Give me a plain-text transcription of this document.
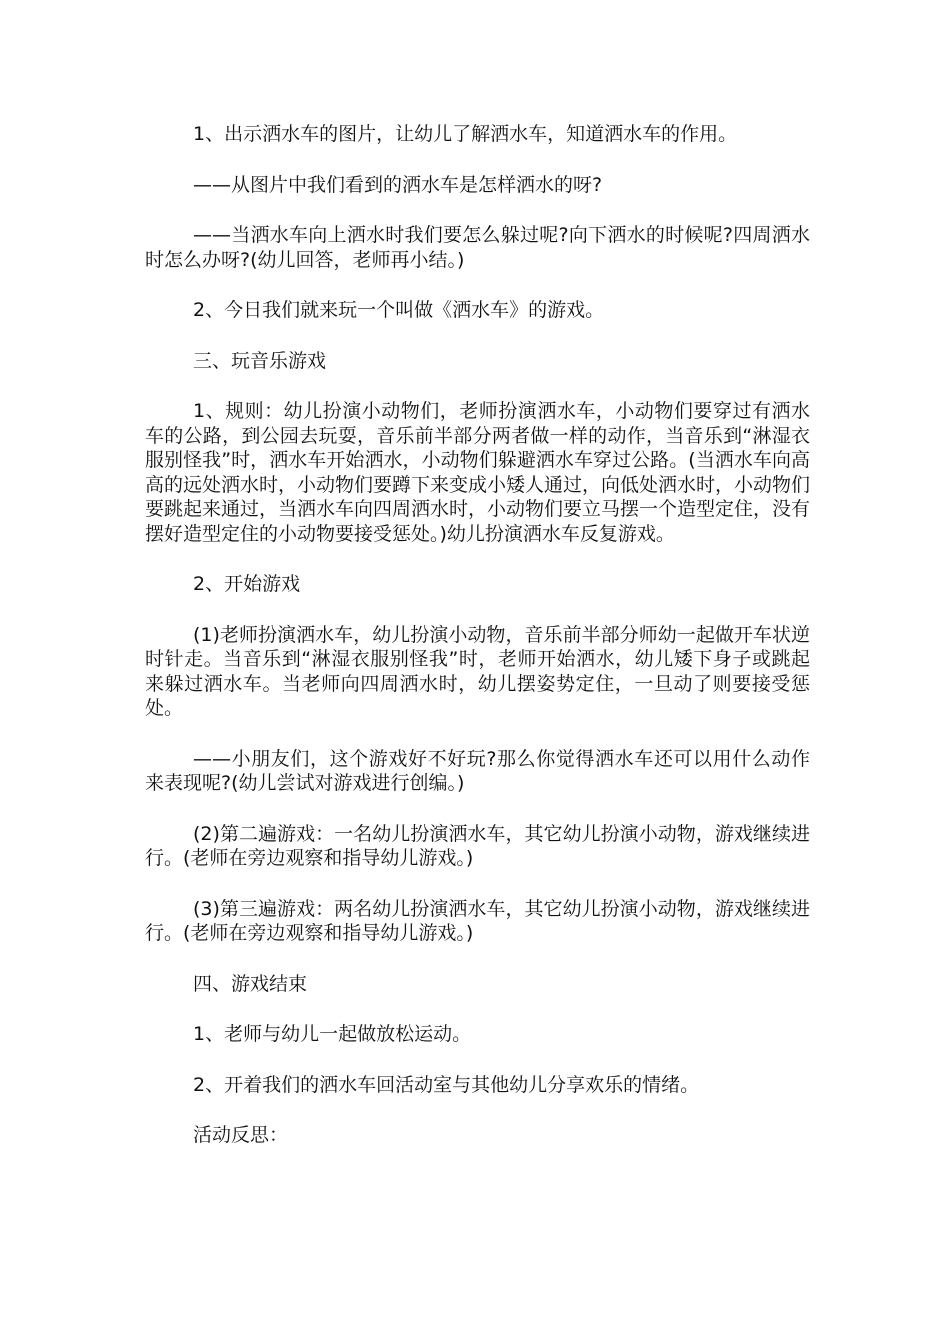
1、出示洒水车的图片，让幼儿了解洒水车，知道洒水车的作用。

——从图片中我们看到的洒水车是怎样洒水的呀?

——当洒水车向上洒水时我们要怎么躲过呢?向下洒水的时候呢?四周洒水时怎么办呀?(幼儿回答，老师再小结。)

2、今日我们就来玩一个叫做《洒水车》的游戏。

三、玩音乐游戏

1、规则：幼儿扮演小动物们，老师扮演洒水车，小动物们要穿过有洒水车的公路，到公园去玩耍，音乐前半部分两者做一样的动作，当音乐到“淋湿衣服别怪我”时，洒水车开始洒水，小动物们躲避洒水车穿过公路。(当洒水车向高高的远处洒水时，小动物们要蹲下来变成小矮人通过，向低处洒水时，小动物们要跳起来通过，当洒水车向四周洒水时，小动物们要立马摆一个造型定住，没有摆好造型定住的小动物要接受惩处。)幼儿扮演洒水车反复游戏。

2、开始游戏

(1)老师扮演洒水车，幼儿扮演小动物，音乐前半部分师幼一起做开车状逆时针走。当音乐到“淋湿衣服别怪我”时，老师开始洒水，幼儿矮下身子或跳起来躲过洒水车。当老师向四周洒水时，幼儿摆姿势定住，一旦动了则要接受惩处。

——小朋友们，这个游戏好不好玩?那么你觉得洒水车还可以用什么动作来表现呢?(幼儿尝试对游戏进行创编。)

(2)第二遍游戏：一名幼儿扮演洒水车，其它幼儿扮演小动物，游戏继续进行。(老师在旁边观察和指导幼儿游戏。)

(3)第三遍游戏：两名幼儿扮演洒水车，其它幼儿扮演小动物，游戏继续进行。(老师在旁边观察和指导幼儿游戏。)

四、游戏结束

1、老师与幼儿一起做放松运动。

2、开着我们的洒水车回活动室与其他幼儿分享欢乐的情绪。

活动反思：
